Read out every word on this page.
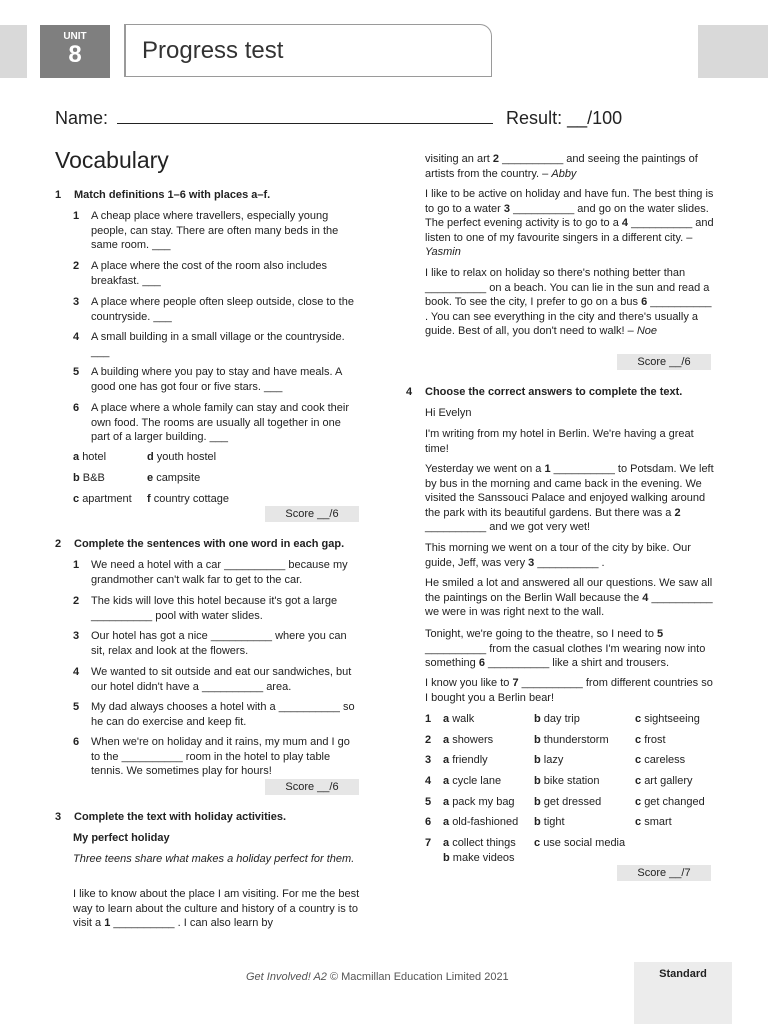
UNIT
8	Progress test
Name:	Result: __/100
Vocabulary
1 Match definitions 1–6 with places a–f.
1 A cheap place where travellers, especially young people, can stay. There are often many beds in the same room. ___
2 A place where the cost of the room also includes breakfast. ___
3 A place where people often sleep outside, close to the countryside. ___
4 A small building in a small village or the countryside. ___
5 A building where you pay to stay and have meals. A good one has got four or five stars. ___
6 A place where a whole family can stay and cook their own food. The rooms are usually all together in one part of a larger building. ___
a hotel	d youth hostel
b B&B	e campsite
c apartment f country cottage
Score __/6
2 Complete the sentences with one word in each gap.
1 We need a hotel with a car __________ because my grandmother can't walk far to get to the car.
2 The kids will love this hotel because it's got a large __________ pool with water slides.
3 Our hotel has got a nice __________ where you can sit, relax and look at the flowers.
4 We wanted to sit outside and eat our sandwiches, but our hotel didn't have a __________ area.
5 My dad always chooses a hotel with a __________ so he can do exercise and keep fit.
6 When we're on holiday and it rains, my mum and I go to the __________ room in the hotel to play table tennis. We sometimes play for hours!
Score __/6
3 Complete the text with holiday activities.
My perfect holiday
Three teens share what makes a holiday perfect for them.
I like to know about the place I am visiting. For me the best way to learn about the culture and history of a country is to visit a 1 __________ . I can also learn by
visiting an art 2 __________ and seeing the paintings of artists from the country. – Abby
I like to be active on holiday and have fun. The best thing is to go to a water 3 __________ and go on the water slides. The perfect evening activity is to go to a 4 __________ and listen to one of my favourite singers in a different city. – Yasmin
I like to relax on holiday so there's nothing better than __________ on a beach. You can lie in the sun and read a book. To see the city, I prefer to go on a bus 6 __________ . You can see everything in the city and there's usually a guide. Best of all, you don't need to walk! – Noe
Score __/6
4 Choose the correct answers to complete the text.
Hi Evelyn
I'm writing from my hotel in Berlin. We're having a great time!
Yesterday we went on a 1 __________ to Potsdam. We left by bus in the morning and came back in the evening. We visited the Sanssouci Palace and enjoyed walking around the park with its beautiful gardens. But there was a 2 __________ and we got very wet!
This morning we went on a tour of the city by bike. Our guide, Jeff, was very 3 __________ .
He smiled a lot and answered all our questions. We saw all the paintings on the Berlin Wall because the 4 __________ we were in was right next to the wall.
Tonight, we're going to the theatre, so I need to 5 __________ from the casual clothes I'm wearing now into something 6 __________ like a shirt and trousers.
I know you like to 7 __________ from different countries so I bought you a Berlin bear!
1 a walk	b day trip	c sightseeing
2 a showers	b thunderstorm c frost
3 a friendly	b lazy	c careless
4 a cycle lane	b bike station	c art gallery
5 a pack my bag b get dressed	c get changed
6 a old-fashioned b tight	c smart
7 a collect things c use social media
b make videos
Score __/7
Get Involved! A2 © Macmillan Education Limited 2021	Standard
